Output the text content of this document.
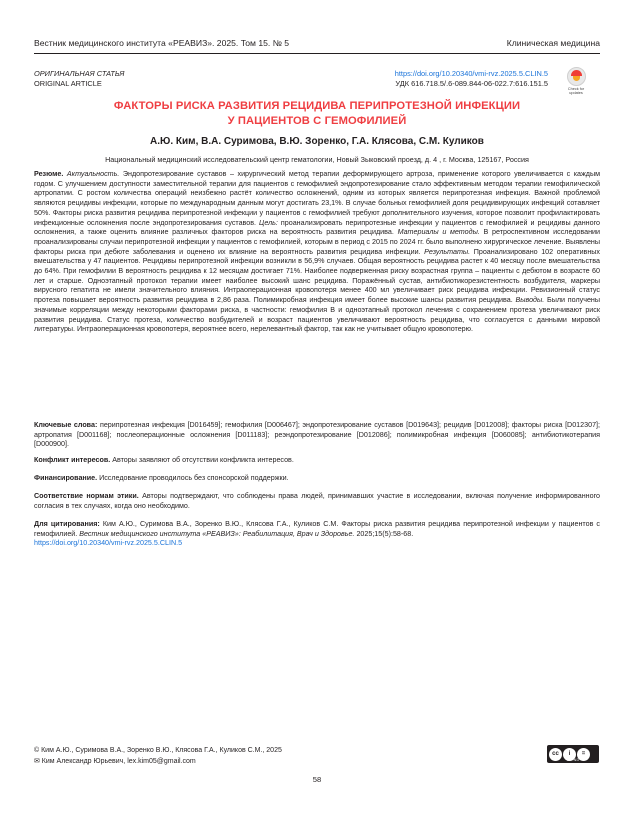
Вестник медицинского института «РЕАВИЗ». 2025. Том 15. № 5	Клиническая медицина
ОРИГИНАЛЬНАЯ СТАТЬЯ
ORIGINAL ARTICLE
https://doi.org/10.20340/vmi-rvz.2025.5.CLIN.5
УДК 616.718.5/.6-089.844-06-022.7:616.151.5
Check for
updates
ФАКТОРЫ РИСКА РАЗВИТИЯ РЕЦИДИВА ПЕРИПРОТЕЗНОЙ ИНФЕКЦИИ
У ПАЦИЕНТОВ С ГЕМОФИЛИЕЙ
А.Ю. Ким, В.А. Суримова, В.Ю. Зоренко, Г.А. Клясова, С.М. Куликов
Национальный медицинский исследовательский центр гематологии, Новый Зыковский проезд, д. 4 , г. Москва, 125167, Россия

Резюме. Актуальность. Эндопротезирование суставов – хирургический метод терапии деформирующего артроза, применение которого увеличивается с каждым годом. С улучшением доступности заместительной терапии для пациентов с гемофилией эндопротезирование стало эффективным методом терапии гемофилической артропатии. С ростом количества операций неизбежно растёт количество осложнений, одним из которых является перипротезная инфекция. Важной проблемой являются рецидивы инфекции, которые по международным данным могут достигать 23,1%. В случае больных гемофилией доля рецидивирующих инфекций сотавляет 50%. Факторы риска развития рецидива перипротезной инфекции у пациентов с гемофилией требуют дополнительного изучения, которое позволит профилактировать инфекционные осложнения после эндопротезирования суставов. Цель: проанализировать перипротезные инфекции у пациентов с гемофилией и рецидивы данного осложнения, а также оценить влияние различных факторов риска на вероятность развития рецидива. Материалы и методы. В ретроспективном исследовании проанализированы случаи перипротезной инфекции у пациентов с гемофилией, которым в период с 2015 по 2024 гг. было выполнено хирургическое лечение. Выявлены факторы риска при дебюте заболевания и оценено их влияние на вероятность развития рецидива инфекции. Результаты. Проанализировано 102 оперативных вмешательства у 47 пациентов. Рецидивы перипротезной инфекции возникли в 56,9% случаев. Общая вероятность рецидива растет к 40 месяцу после вмешательства до 64%. При гемофилии В вероятность рецидива к 12 месяцам достигает 71%. Наиболее подверженная риску возрастная группа – пациенты с дебютом в возрасте 60 лет и старше. Одноэтапный протокол терапии имеет наиболее высокий шанс рецидива. Поражённый сустав, антибиотикорезистентность возбудителя, маркеры вирусного гепатита не имели значительного влияния. Интраоперационная кровопотеря менее 400 мл увеличивает риск рецидива инфекции. Ревизионный статус протеза повышает вероятность развития рецидива в 2,86 раза. Полимикробная инфекция имеет более высокие шансы развития рецидива. Выводы. Были получены значимые корреляции между некоторыми факторами риска, в частности: гемофилия В и одноэтапный протокол лечения с сохранением протеза увеличивают риск развития рецидива. Статус протеза, количество возбудителей и возраст пациентов увеличивают вероятность рецидива, что согласуется с данными мировой литературы. Интраоперационная кровопотеря, вероятнее всего, нерелевантный фактор, так как не учитывает общую кровопотерю.

Ключевые слова: перипротезная инфекция [D016459]; гемофилия [D006467]; эндопротезирование суставов [D019643]; рецидив [D012008]; факторы риска [D012307]; артропатия [D001168]; послеоперационные осложнения [D011183]; реэндопротезирование [D012086]; полимикробная инфекция [D060085]; антибиотикотерапия [D000900].

Конфликт интересов. Авторы заявляют об отсутствии конфликта интересов.

Финансирование. Исследование проводилось без спонсорской поддержки.

Соответствие нормам этики. Авторы подтверждают, что соблюдены права людей, принимавших участие в исследовании, включая получение информированного согласия в тех случаях, когда оно необходимо.

Для цитирования: Ким А.Ю., Суримова В.А., Зоренко В.Ю., Клясова Г.А., Куликов С.М. Факторы риска развития рецидива перипротезной инфекции у пациентов с гемофилией. Вестник медицинского института «РЕАВИЗ»: Реабилитация, Врач и Здоровье. 2025;15(5):58-68.
https://doi.org/10.20340/vmi-rvz.2025.5.CLIN.5

© Ким А.Ю., Суримова В.А., Зоренко В.Ю., Клясова Г.А., Куликов С.М., 2025
✉ Ким Александр Юрьевич, lex.kim05@gmail.com
cc	i	=
BY ND
58
